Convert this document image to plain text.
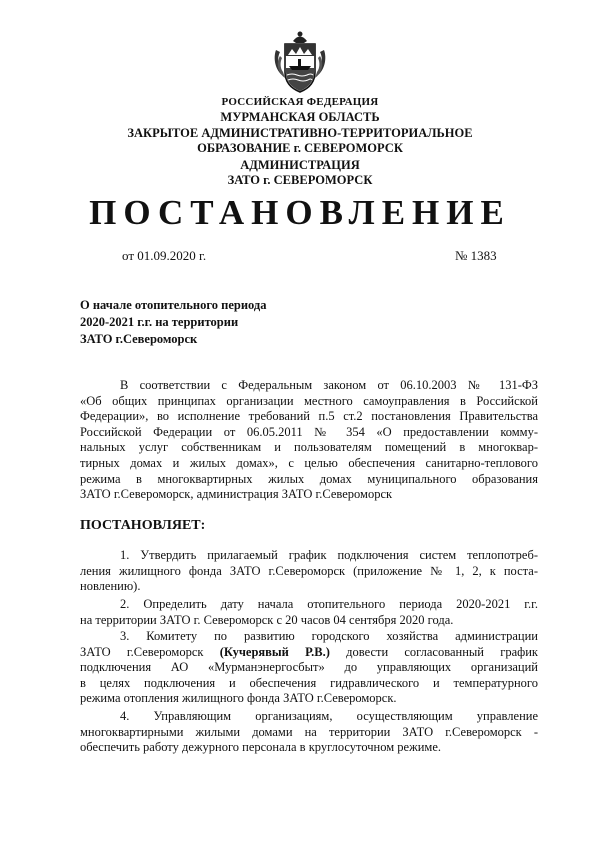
РОССИЙСКАЯ ФЕДЕРАЦИЯ
МУРМАНСКАЯ ОБЛАСТЬ
ЗАКРЫТОЕ АДМИНИСТРАТИВНО-ТЕРРИТОРИАЛЬНОЕ
ОБРАЗОВАНИЕ г. СЕВЕРОМОРСК
АДМИНИСТРАЦИЯ
ЗАТО г. СЕВЕРОМОРСК
ПОСТАНОВЛЕНИЕ
от 01.09.2020 г.	№ 1383
О начале отопительного периода
2020-2021 г.г. на территории
ЗАТО г.Североморск
В соответствии с Федеральным законом от 06.10.2003 № 131-ФЗ
«Об общих принципах организации местного самоуправления в Российской
Федерации», во исполнение требований п.5 ст.2 постановления Правительства
Российской Федерации от 06.05.2011 № 354 «О предоставлении комму-
нальных услуг собственникам и пользователям помещений в многоквар-
тирных домах и жилых домах», с целью обеспечения санитарно-теплового
режима в многоквартирных жилых домах муниципального образования
ЗАТО г.Североморск, администрация ЗАТО г.Североморск
ПОСТАНОВЛЯЕТ:
1. Утвердить прилагаемый график подключения систем теплопотреб-
ления жилищного фонда ЗАТО г.Североморск (приложение № 1, 2, к поста-
новлению).
2. Определить дату начала отопительного периода 2020-2021 г.г.
на территории ЗАТО г. Североморск с 20 часов 04 сентября 2020 года.
3. Комитету по развитию городского хозяйства администрации
ЗАТО г.Североморск (Кучерявый Р.В.) довести согласованный график
подключения АО «Мурманэнергосбыт» до управляющих организаций
в целях подключения и обеспечения гидравлического и температурного
режима отопления жилищного фонда ЗАТО г.Североморск.
4. Управляющим организациям, осуществляющим управление
многоквартирными жилыми домами на территории ЗАТО г.Североморск -
обеспечить работу дежурного персонала в круглосуточном режиме.
